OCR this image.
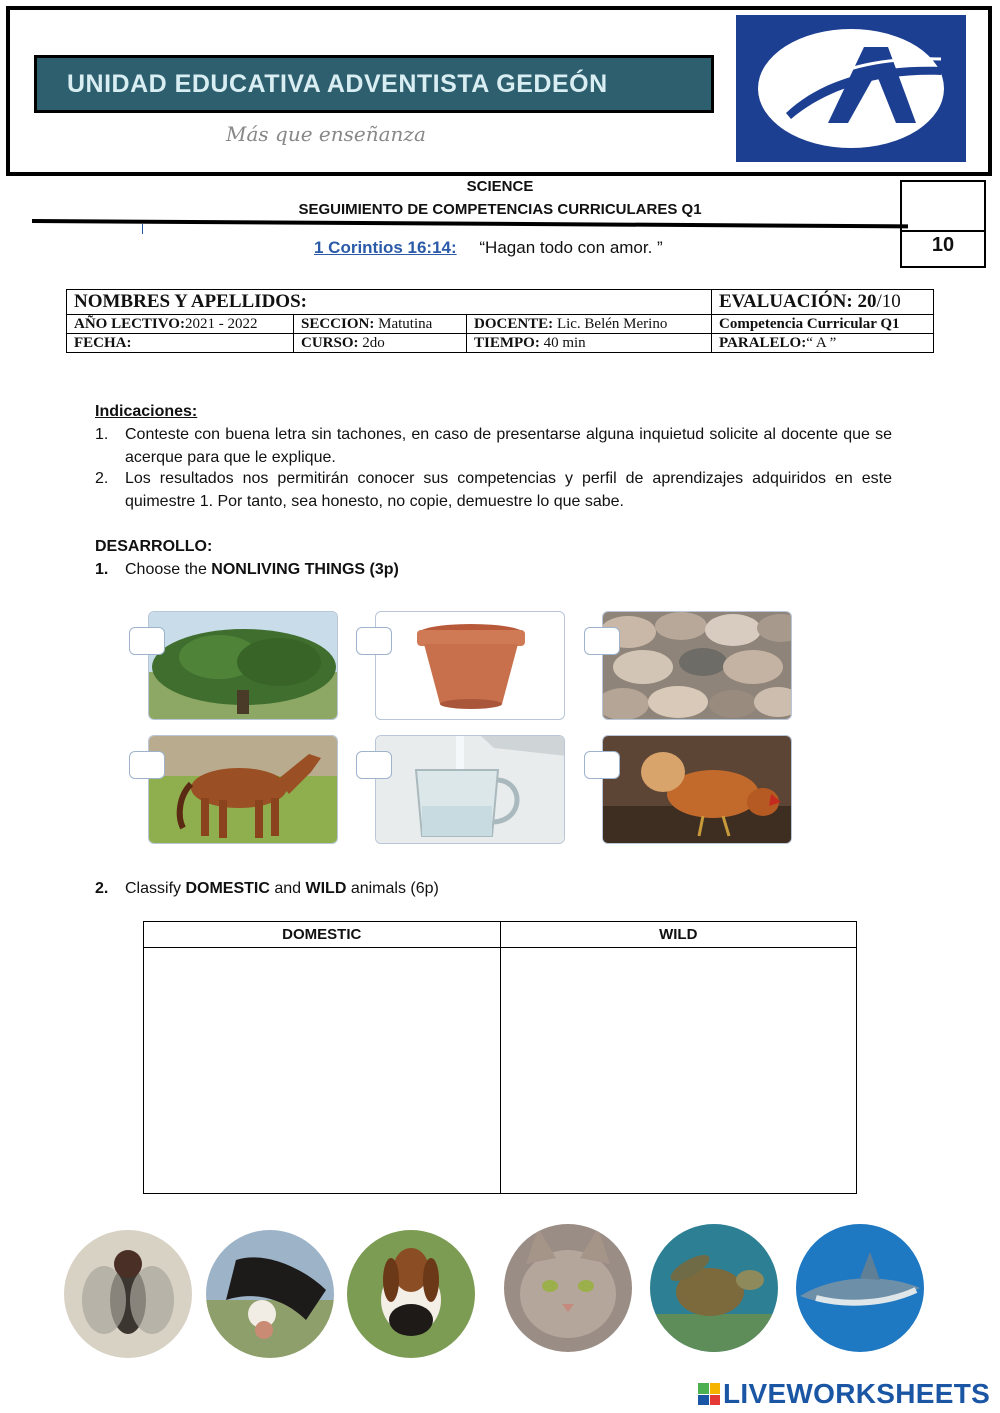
UNIDAD EDUCATIVA ADVENTISTA GEDEÓN
Más que enseñanza
SCIENCE
SEGUIMIENTO DE COMPETENCIAS CURRICULARES Q1
1 Corintios 16:14: “Hagan todo con amor. ”	10
NOMBRES Y APELLIDOS:			EVALUACIÓN: 20/10
AÑO LECTIVO:2021 - 2022	SECCION: Matutina	DOCENTE: Lic. Belén Merino	Competencia Curricular Q1
FECHA:	CURSO: 2do	TIEMPO: 40 min	PARALELO:“ A ”
Indicaciones:
1. Conteste con buena letra sin tachones, en caso de presentarse alguna inquietud solicite al docente que se acerque para que le explique.
2. Los resultados nos permitirán conocer sus competencias y perfil de aprendizajes adquiridos en este quimestre 1. Por tanto, sea honesto, no copie, demuestre lo que sabe.
DESARROLLO:
1. Choose the NONLIVING THINGS (3p)
2. Classify DOMESTIC and WILD animals (6p)
DOMESTIC	WILD

LIVEWORKSHEETS
